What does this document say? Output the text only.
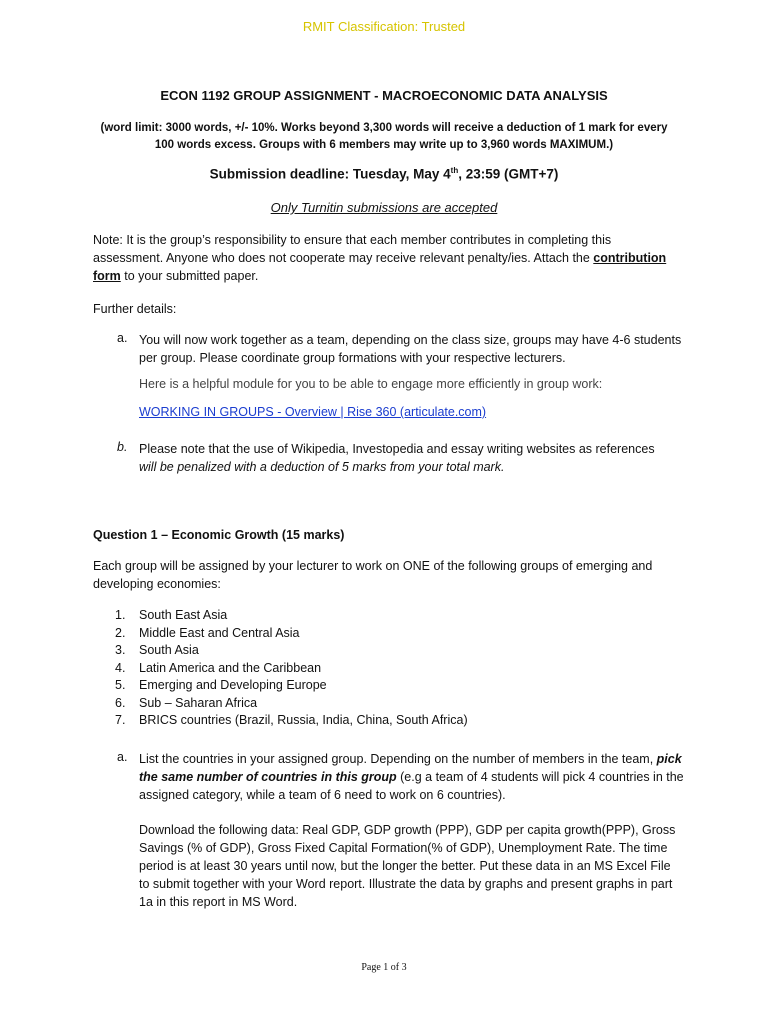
RMIT Classification: Trusted
ECON 1192 GROUP ASSIGNMENT - MACROECONOMIC DATA ANALYSIS
(word limit: 3000 words, +/- 10%. Works beyond 3,300 words will receive a deduction of 1 mark for every
100 words excess. Groups with 6 members may write up to 3,960 words MAXIMUM.)
Submission deadline: Tuesday, May 4th, 23:59 (GMT+7)
Only Turnitin submissions are accepted
Note: It is the group’s responsibility to ensure that each member contributes in completing this assessment. Anyone who does not cooperate may receive relevant penalty/ies. Attach the contribution form to your submitted paper.
Further details:
a. You will now work together as a team, depending on the class size, groups may have 4-6 students per group. Please coordinate group formations with your respective lecturers.
Here is a helpful module for you to be able to engage more efficiently in group work:
WORKING IN GROUPS - Overview | Rise 360 (articulate.com)
b. Please note that the use of Wikipedia, Investopedia and essay writing websites as references
will be penalized with a deduction of 5 marks from your total mark.
Question 1 – Economic Growth (15 marks)
Each group will be assigned by your lecturer to work on ONE of the following groups of emerging and developing economies:
1.	South East Asia
2.	Middle East and Central Asia
3.	South Asia
4.	Latin America and the Caribbean
5.	Emerging and Developing Europe
6.	Sub – Saharan Africa
7.	BRICS countries (Brazil, Russia, India, China, South Africa)
a. List the countries in your assigned group. Depending on the number of members in the team, pick the same number of countries in this group (e.g a team of 4 students will pick 4 countries in the assigned category, while a team of 6 need to work on 6 countries).
Download the following data: Real GDP, GDP growth (PPP), GDP per capita growth(PPP), Gross Savings (% of GDP), Gross Fixed Capital Formation(% of GDP), Unemployment Rate. The time period is at least 30 years until now, but the longer the better. Put these data in an MS Excel File to submit together with your Word report. Illustrate the data by graphs and present graphs in part 1a in this report in MS Word.
Page 1 of 3
